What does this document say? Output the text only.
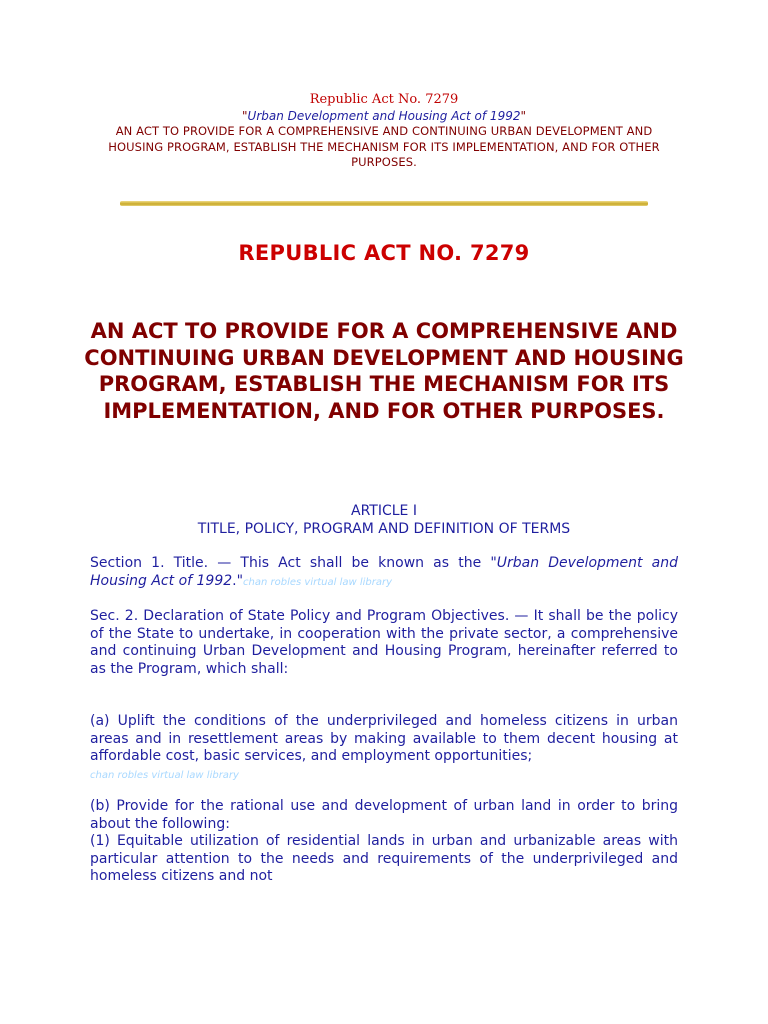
Republic Act No. 7279
"Urban Development and Housing Act of 1992"
AN ACT TO PROVIDE FOR A COMPREHENSIVE AND CONTINUING URBAN DEVELOPMENT AND HOUSING PROGRAM, ESTABLISH THE MECHANISM FOR ITS IMPLEMENTATION, AND FOR OTHER PURPOSES.
REPUBLIC ACT NO. 7279
AN ACT TO PROVIDE FOR A COMPREHENSIVE AND CONTINUING URBAN DEVELOPMENT AND HOUSING PROGRAM, ESTABLISH THE MECHANISM FOR ITS IMPLEMENTATION, AND FOR OTHER PURPOSES.
ARTICLE I
TITLE, POLICY, PROGRAM AND DEFINITION OF TERMS
Section 1. Title. — This Act shall be known as the "Urban Development and Housing Act of 1992."chan robles virtual law library
Sec. 2. Declaration of State Policy and Program Objectives. — It shall be the policy of the State to undertake, in cooperation with the private sector, a comprehensive and continuing Urban Development and Housing Program, hereinafter referred to as the Program, which shall:
(a) Uplift the conditions of the underprivileged and homeless citizens in urban areas and in resettlement areas by making available to them decent housing at affordable cost, basic services, and employment opportunities;
chan robles virtual law library
(b) Provide for the rational use and development of urban land in order to bring about the following:
(1) Equitable utilization of residential lands in urban and urbanizable areas with particular attention to the needs and requirements of the underprivileged and homeless citizens and not
